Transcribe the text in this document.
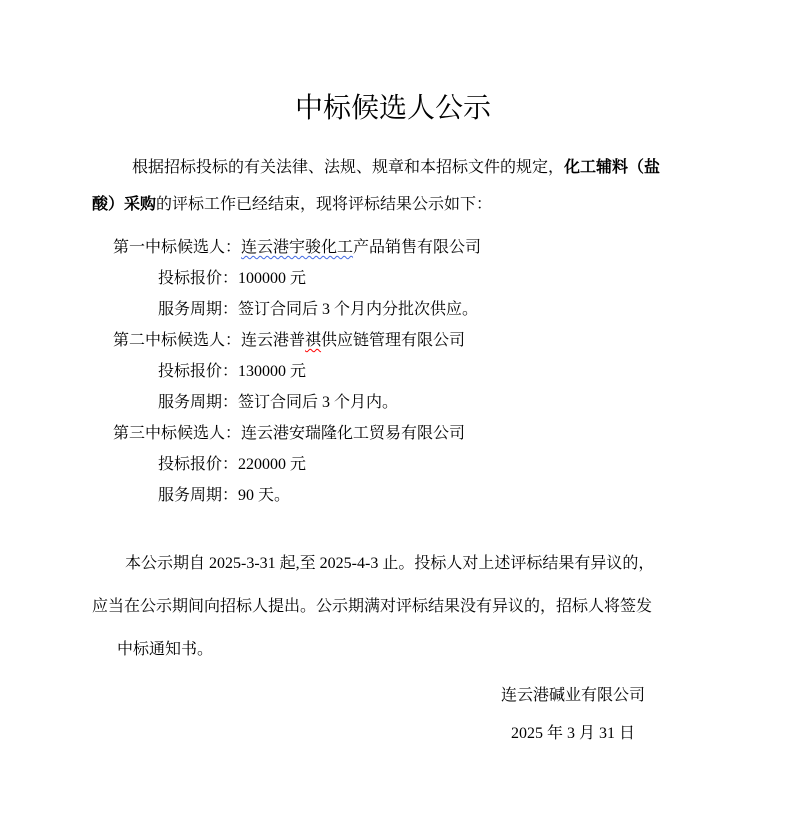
中标候选人公示
根据招标投标的有关法律、法规、规章和本招标文件的规定，化工辅料（盐
酸）采购的评标工作已经结束，现将评标结果公示如下：
第一中标候选人：连云港宇骏化工产品销售有限公司
投标报价：100000 元
服务周期：签订合同后 3 个月内分批次供应。
第二中标候选人：连云港普祺供应链管理有限公司
投标报价：130000 元
服务周期：签订合同后 3 个月内。
第三中标候选人：连云港安瑞隆化工贸易有限公司
投标报价：220000 元
服务周期：90 天。
本公示期自 2025-3-31 起,至 2025-4-3 止。投标人对上述评标结果有异议的，
应当在公示期间向招标人提出。公示期满对评标结果没有异议的，招标人将签发
中标通知书。
连云港碱业有限公司
2025 年 3 月 31 日
